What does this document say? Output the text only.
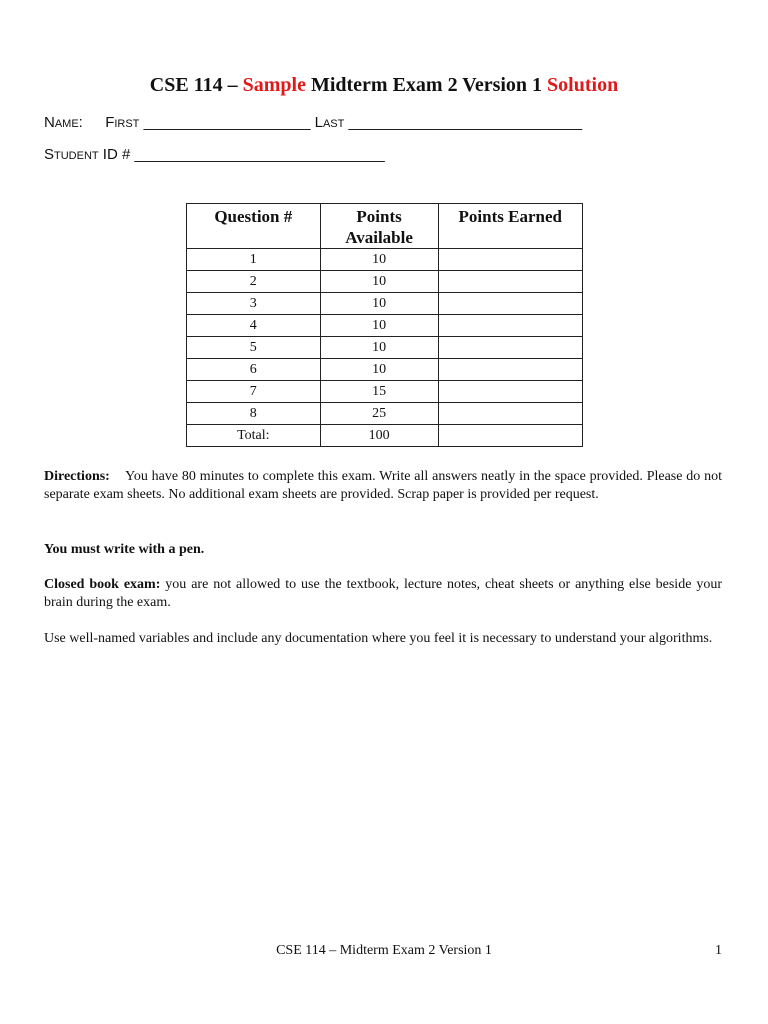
CSE 114 – Sample Midterm Exam 2 Version 1 Solution
Name: First ____________________ Last ____________________________
Student ID # ______________________________
Question #	Points Available	Points Earned
1	10	
2	10	
3	10	
4	10	
5	10	
6	10	
7	15	
8	25	
Total:	100	
Directions: You have 80 minutes to complete this exam. Write all answers neatly in the space provided. Please do not separate exam sheets. No additional exam sheets are provided. Scrap paper is provided per request.
You must write with a pen.
Closed book exam: you are not allowed to use the textbook, lecture notes, cheat sheets or anything else beside your brain during the exam.
Use well-named variables and include any documentation where you feel it is necessary to understand your algorithms.
CSE 114 – Midterm Exam 2 Version 1	1
